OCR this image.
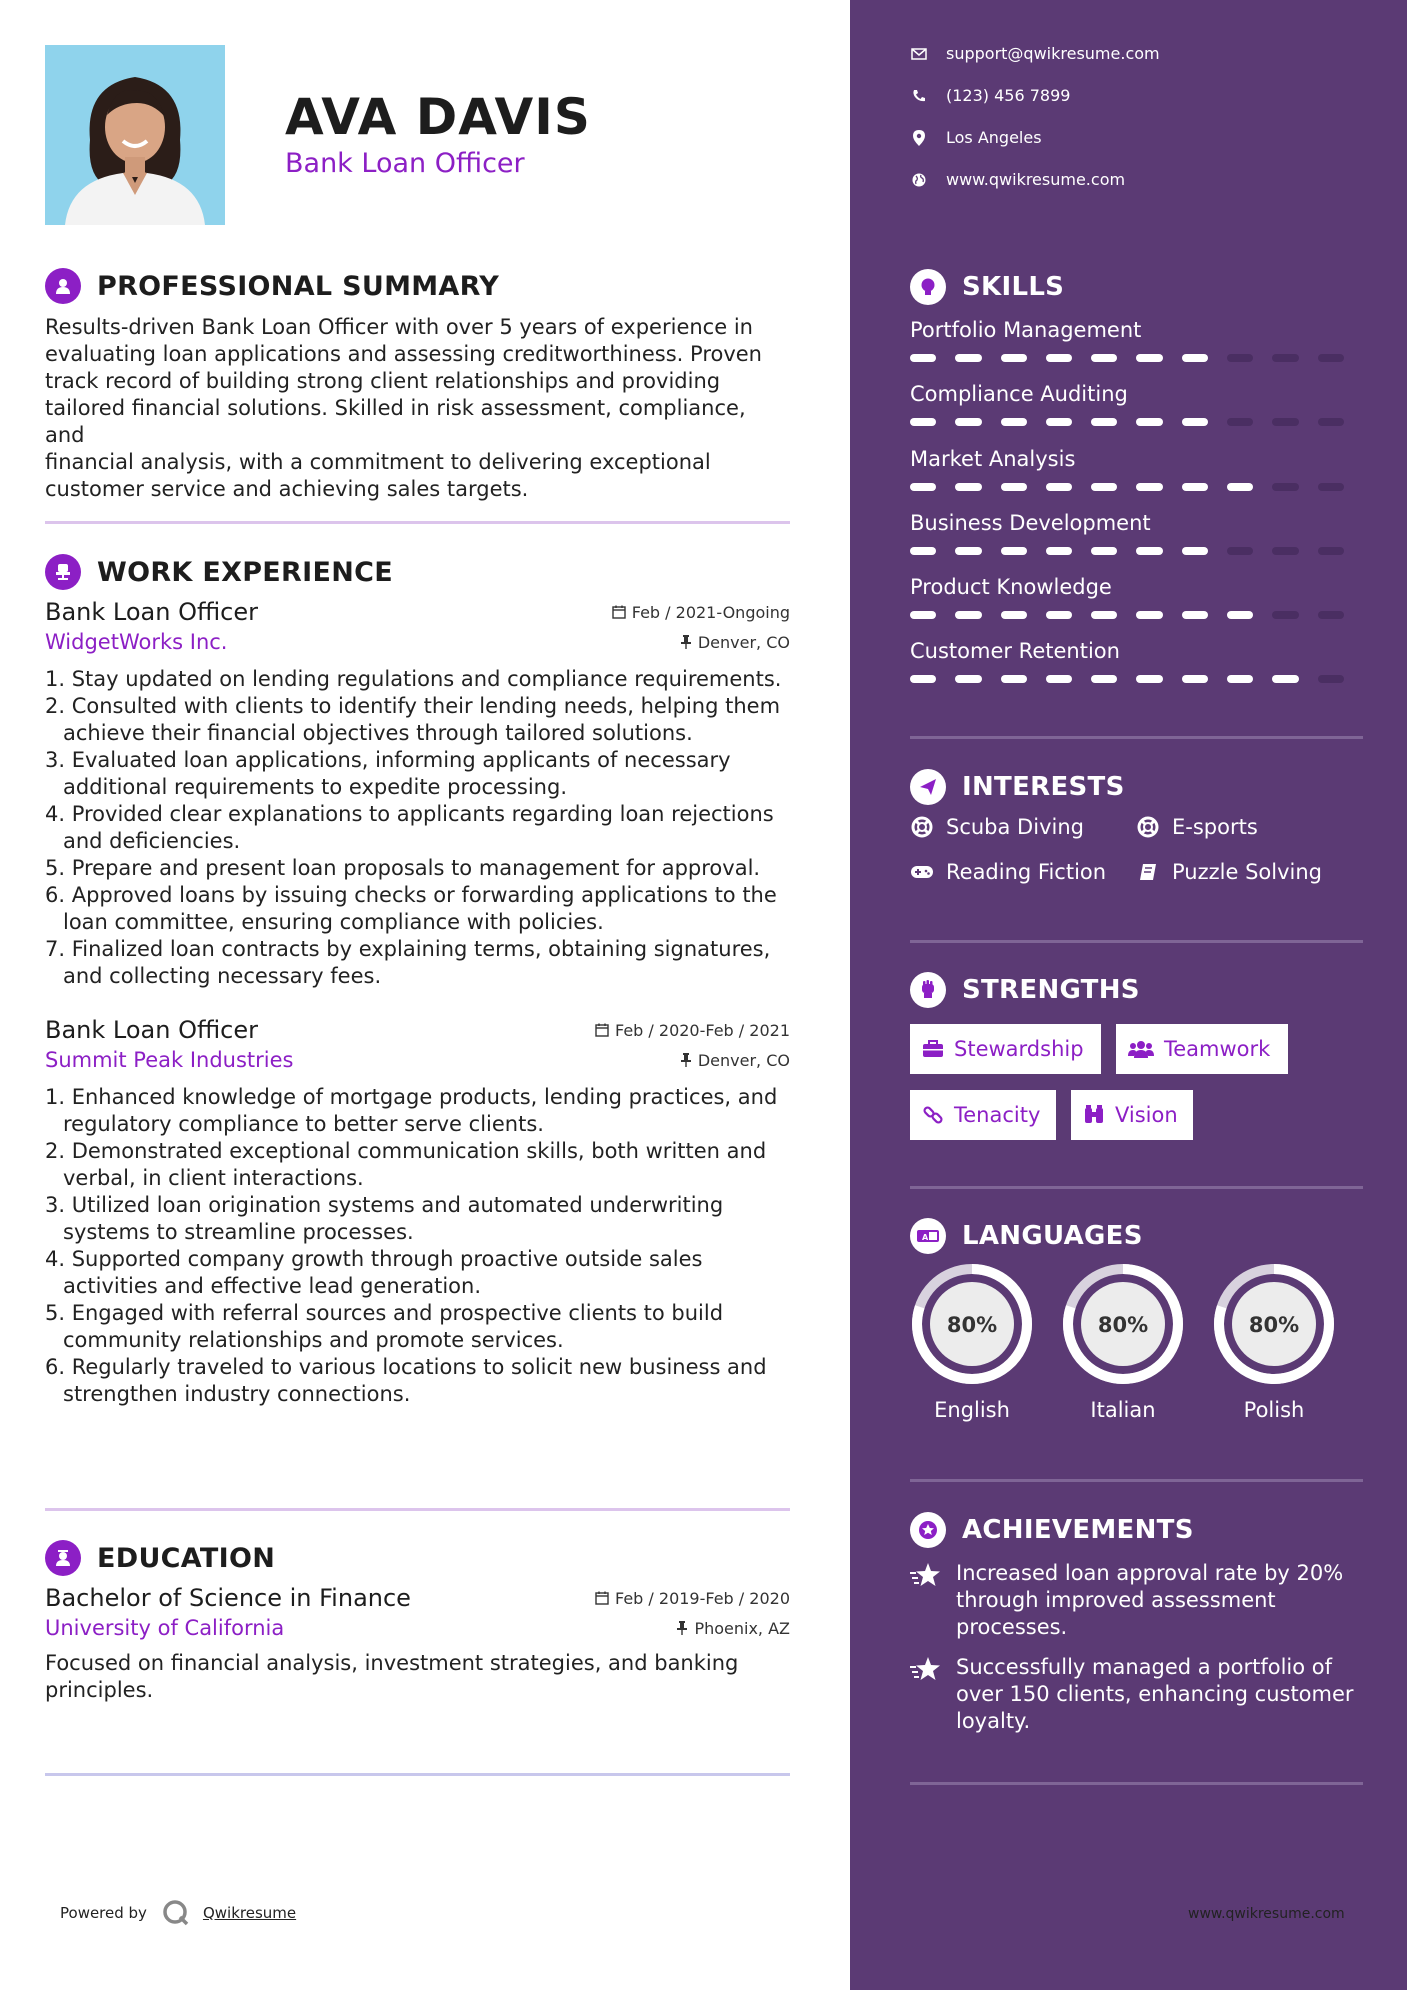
AVA DAVIS
Bank Loan Officer
PROFESSIONAL SUMMARY
Results-driven Bank Loan Officer with over 5 years of experience in
evaluating loan applications and assessing creditworthiness. Proven
track record of building strong client relationships and providing
tailored financial solutions. Skilled in risk assessment, compliance, and
financial analysis, with a commitment to delivering exceptional
customer service and achieving sales targets.
WORK EXPERIENCE
Bank Loan Officer	Feb / 2021-Ongoing
WidgetWorks Inc.	Denver, CO
1. Stay updated on lending regulations and compliance requirements.
2. Consulted with clients to identify their lending needs, helping them
achieve their financial objectives through tailored solutions.
3. Evaluated loan applications, informing applicants of necessary
additional requirements to expedite processing.
4. Provided clear explanations to applicants regarding loan rejections
and deficiencies.
5. Prepare and present loan proposals to management for approval.
6. Approved loans by issuing checks or forwarding applications to the
loan committee, ensuring compliance with policies.
7. Finalized loan contracts by explaining terms, obtaining signatures,
and collecting necessary fees.
Bank Loan Officer	Feb / 2020-Feb / 2021
Summit Peak Industries	Denver, CO
1. Enhanced knowledge of mortgage products, lending practices, and
regulatory compliance to better serve clients.
2. Demonstrated exceptional communication skills, both written and
verbal, in client interactions.
3. Utilized loan origination systems and automated underwriting
systems to streamline processes.
4. Supported company growth through proactive outside sales
activities and effective lead generation.
5. Engaged with referral sources and prospective clients to build
community relationships and promote services.
6. Regularly traveled to various locations to solicit new business and
strengthen industry connections.
EDUCATION
Bachelor of Science in Finance	Feb / 2019-Feb / 2020
University of California	Phoenix, AZ
Focused on financial analysis, investment strategies, and banking
principles.
Powered by	Qwikresume
support@qwikresume.com
(123) 456 7899
Los Angeles
www.qwikresume.com
SKILLS
Portfolio Management
Compliance Auditing
Market Analysis
Business Development
Product Knowledge
Customer Retention
INTERESTS
Scuba Diving	E-sports
Reading Fiction	Puzzle Solving
STRENGTHS
Stewardship	Teamwork
Tenacity	Vision
A LANGUAGES
80%
English
80%
Italian
80%
Polish
ACHIEVEMENTS
Increased loan approval rate by 20%
through improved assessment
processes.
Successfully managed a portfolio of
over 150 clients, enhancing customer
loyalty.
www.qwikresume.com
